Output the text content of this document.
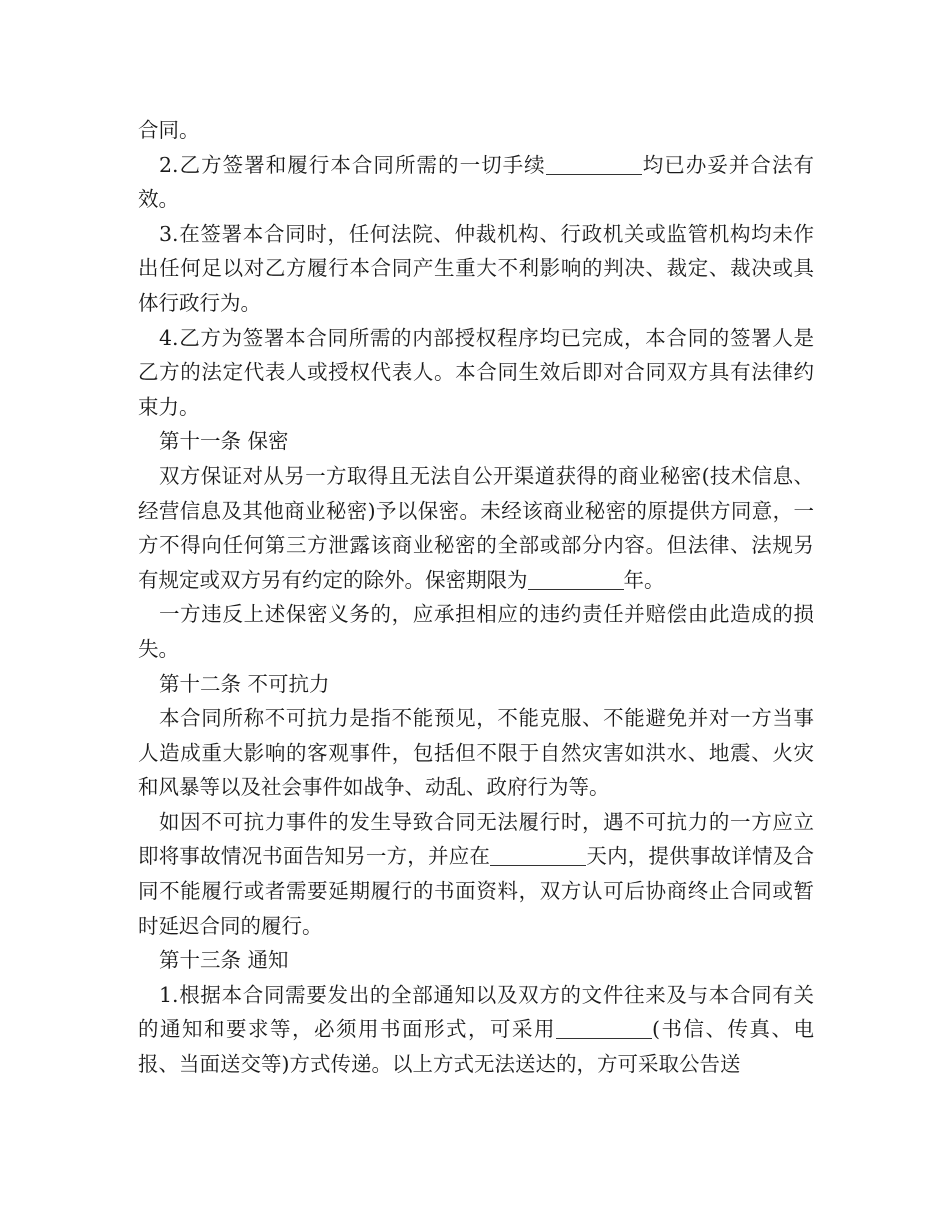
合同。

2.乙方签署和履行本合同所需的一切手续	均已办妥并合法有效。

3.在签署本合同时，任何法院、仲裁机构、行政机关或监管机构均未作出任何足以对乙方履行本合同产生重大不利影响的判决、裁定、裁决或具体行政行为。

4.乙方为签署本合同所需的内部授权程序均已完成，本合同的签署人是乙方的法定代表人或授权代表人。本合同生效后即对合同双方具有法律约束力。

第十一条 保密

双方保证对从另一方取得且无法自公开渠道获得的商业秘密(技术信息、经营信息及其他商业秘密)予以保密。未经该商业秘密的原提供方同意，一方不得向任何第三方泄露该商业秘密的全部或部分内容。但法律、法规另有规定或双方另有约定的除外。保密期限为	年。

一方违反上述保密义务的，应承担相应的违约责任并赔偿由此造成的损失。

第十二条 不可抗力

本合同所称不可抗力是指不能预见，不能克服、不能避免并对一方当事人造成重大影响的客观事件，包括但不限于自然灾害如洪水、地震、火灾和风暴等以及社会事件如战争、动乱、政府行为等。

如因不可抗力事件的发生导致合同无法履行时，遇不可抗力的一方应立即将事故情况书面告知另一方，并应在	天内，提供事故详情及合同不能履行或者需要延期履行的书面资料，双方认可后协商终止合同或暂时延迟合同的履行。

第十三条 通知

1.根据本合同需要发出的全部通知以及双方的文件往来及与本合同有关的通知和要求等，必须用书面形式，可采用	(书信、传真、电报、当面送交等)方式传递。以上方式无法送达的，方可采取公告送
